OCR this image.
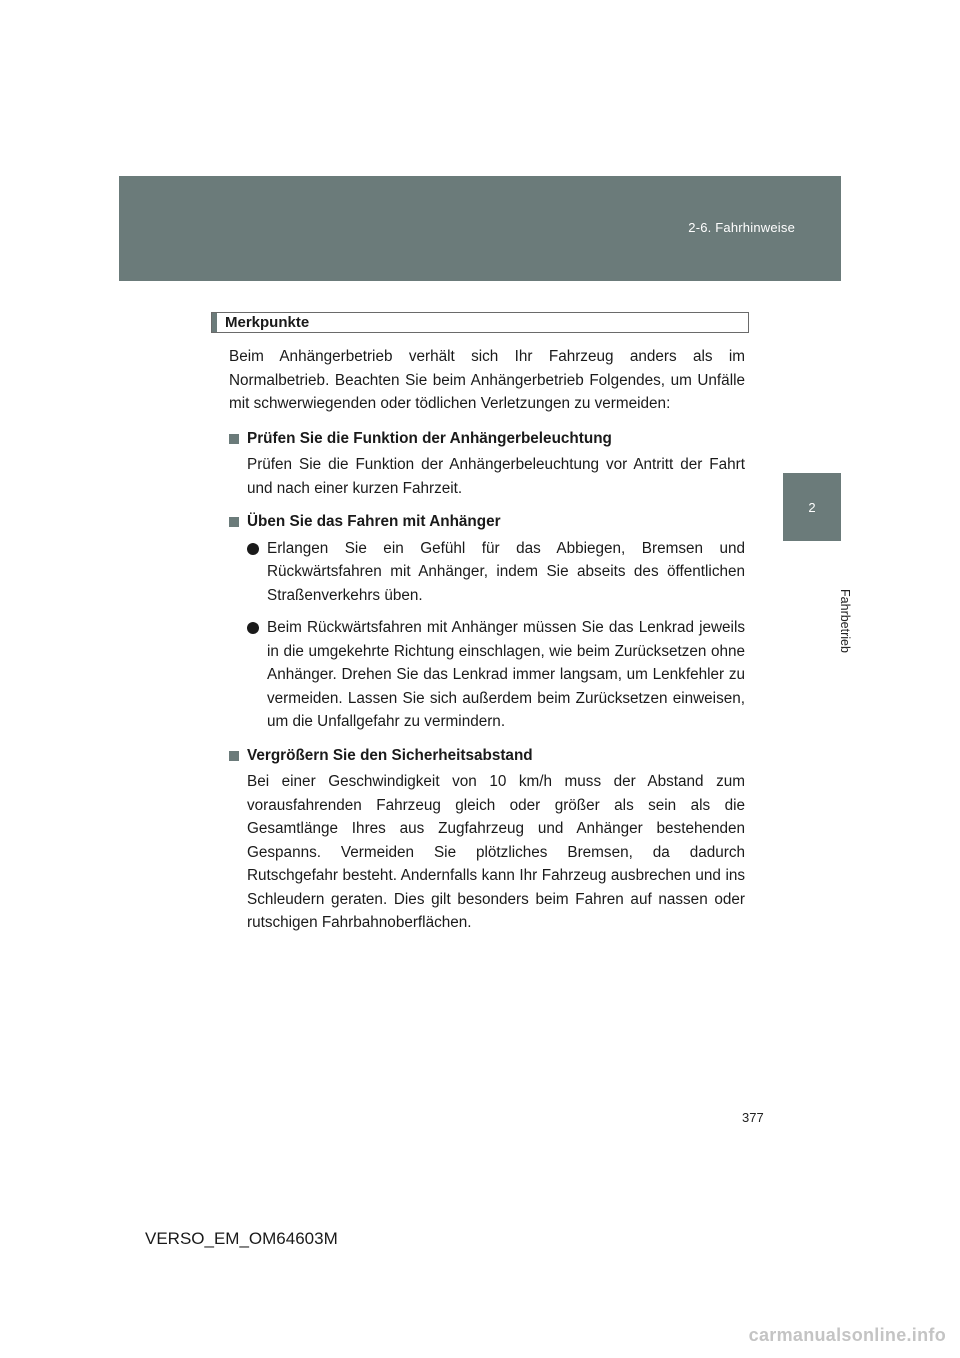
2-6. Fahrhinweise
2
Fahrbetrieb
Merkpunkte

Beim Anhängerbetrieb verhält sich Ihr Fahrzeug anders als im Normalbetrieb. Beachten Sie beim Anhängerbetrieb Folgendes, um Unfälle mit schwerwiegenden oder tödlichen Verletzungen zu vermeiden:

Prüfen Sie die Funktion der Anhängerbeleuchtung

Prüfen Sie die Funktion der Anhängerbeleuchtung vor Antritt der Fahrt und nach einer kurzen Fahrzeit.

Üben Sie das Fahren mit Anhänger

Erlangen Sie ein Gefühl für das Abbiegen, Bremsen und Rückwärtsfahren mit Anhänger, indem Sie abseits des öffentlichen Straßenverkehrs üben.

Beim Rückwärtsfahren mit Anhänger müssen Sie das Lenkrad jeweils in die umgekehrte Richtung einschlagen, wie beim Zurücksetzen ohne Anhänger. Drehen Sie das Lenkrad immer langsam, um Lenkfehler zu vermeiden. Lassen Sie sich außerdem beim Zurücksetzen einweisen, um die Unfallgefahr zu vermindern.

Vergrößern Sie den Sicherheitsabstand

Bei einer Geschwindigkeit von 10 km/h muss der Abstand zum vorausfahrenden Fahrzeug gleich oder größer als sein als die Gesamtlänge Ihres aus Zugfahrzeug und Anhänger bestehenden Gespanns. Vermeiden Sie plötzliches Bremsen, da dadurch Rutschgefahr besteht. Andernfalls kann Ihr Fahrzeug ausbrechen und ins Schleudern geraten. Dies gilt besonders beim Fahren auf nassen oder rutschigen Fahrbahnoberflächen.

377
VERSO_EM_OM64603M
carmanualsonline.info
